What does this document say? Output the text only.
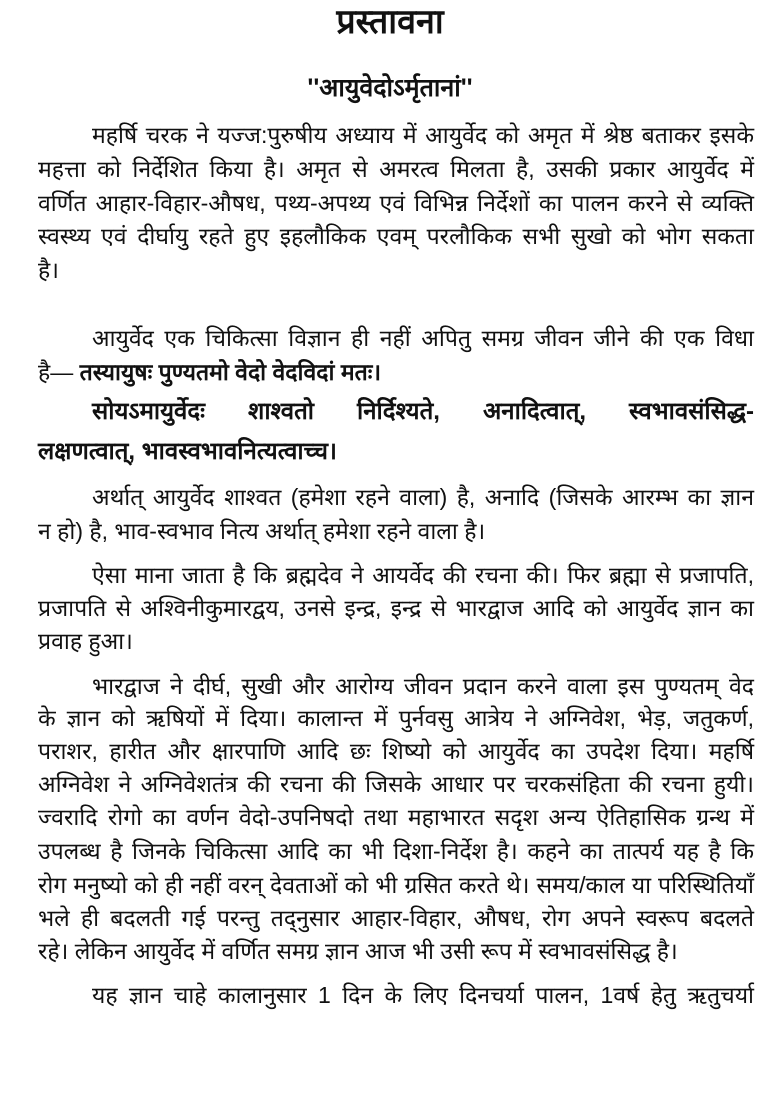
प्रस्तावना
''आयुवेदोऽर्मृतानां''
महर्षि चरक ने यज्ज:पुरुषीय अध्याय में आयुर्वेद को अमृत में श्रेष्ठ बताकर इसके
महत्ता को निर्देशित किया है। अमृत से अमरत्व मिलता है, उसकी प्रकार आयुर्वेद में
वर्णित आहार-विहार-औषध, पथ्य-अपथ्य एवं विभिन्न निर्देशों का पालन करने से व्यक्ति
स्वस्थ्य एवं दीर्घायु रहते हुए इहलौकिक एवम् परलौकिक सभी सुखो को भोग सकता
है।
आयुर्वेद एक चिकित्सा विज्ञान ही नहीं अपितु समग्र जीवन जीने की एक विधा
है— तस्यायुषः पुण्यतमो वेदो वेदविदां मतः।
सोयऽमायुर्वेदः शाश्वतो निर्दिश्यते, अनादित्वात्, स्वभावसंसिद्ध-
लक्षणत्वात्, भावस्वभावनित्यत्वाच्च।
अर्थात् आयुर्वेद शाश्वत (हमेशा रहने वाला) है, अनादि (जिसके आरम्भ का ज्ञान
न हो) है, भाव-स्वभाव नित्य अर्थात् हमेशा रहने वाला है।
ऐसा माना जाता है कि ब्रह्मदेव ने आयर्वेद की रचना की। फिर ब्रह्मा से प्रजापति,
प्रजापति से अश्विनीकुमारद्वय, उनसे इन्द्र, इन्द्र से भारद्वाज आदि को आयुर्वेद ज्ञान का
प्रवाह हुआ।
भारद्वाज ने दीर्घ, सुखी और आरोग्य जीवन प्रदान करने वाला इस पुण्यतम् वेद
के ज्ञान को ऋषियों में दिया। कालान्त में पुर्नवसु आत्रेय ने अग्निवेश, भेड़, जतुकर्ण,
पराशर, हारीत और क्षारपाणि आदि छः शिष्यो को आयुर्वेद का उपदेश दिया। महर्षि
अग्निवेश ने अग्निवेशतंत्र की रचना की जिसके आधार पर चरकसंहिता की रचना हुयी।
ज्वरादि रोगो का वर्णन वेदो-उपनिषदो तथा महाभारत सदृश अन्य ऐतिहासिक ग्रन्थ में
उपलब्ध है जिनके चिकित्सा आदि का भी दिशा-निर्देश है। कहने का तात्पर्य यह है कि
रोग मनुष्यो को ही नहीं वरन् देवताओं को भी ग्रसित करते थे। समय/काल या परिस्थितियाँ
भले ही बदलती गई परन्तु तद्नुसार आहार-विहार, औषध, रोग अपने स्वरूप बदलते
रहे। लेकिन आयुर्वेद में वर्णित समग्र ज्ञान आज भी उसी रूप में स्वभावसंसिद्ध है।
यह ज्ञान चाहे कालानुसार 1 दिन के लिए दिनचर्या पालन, 1वर्ष हेतु ऋतुचर्या
